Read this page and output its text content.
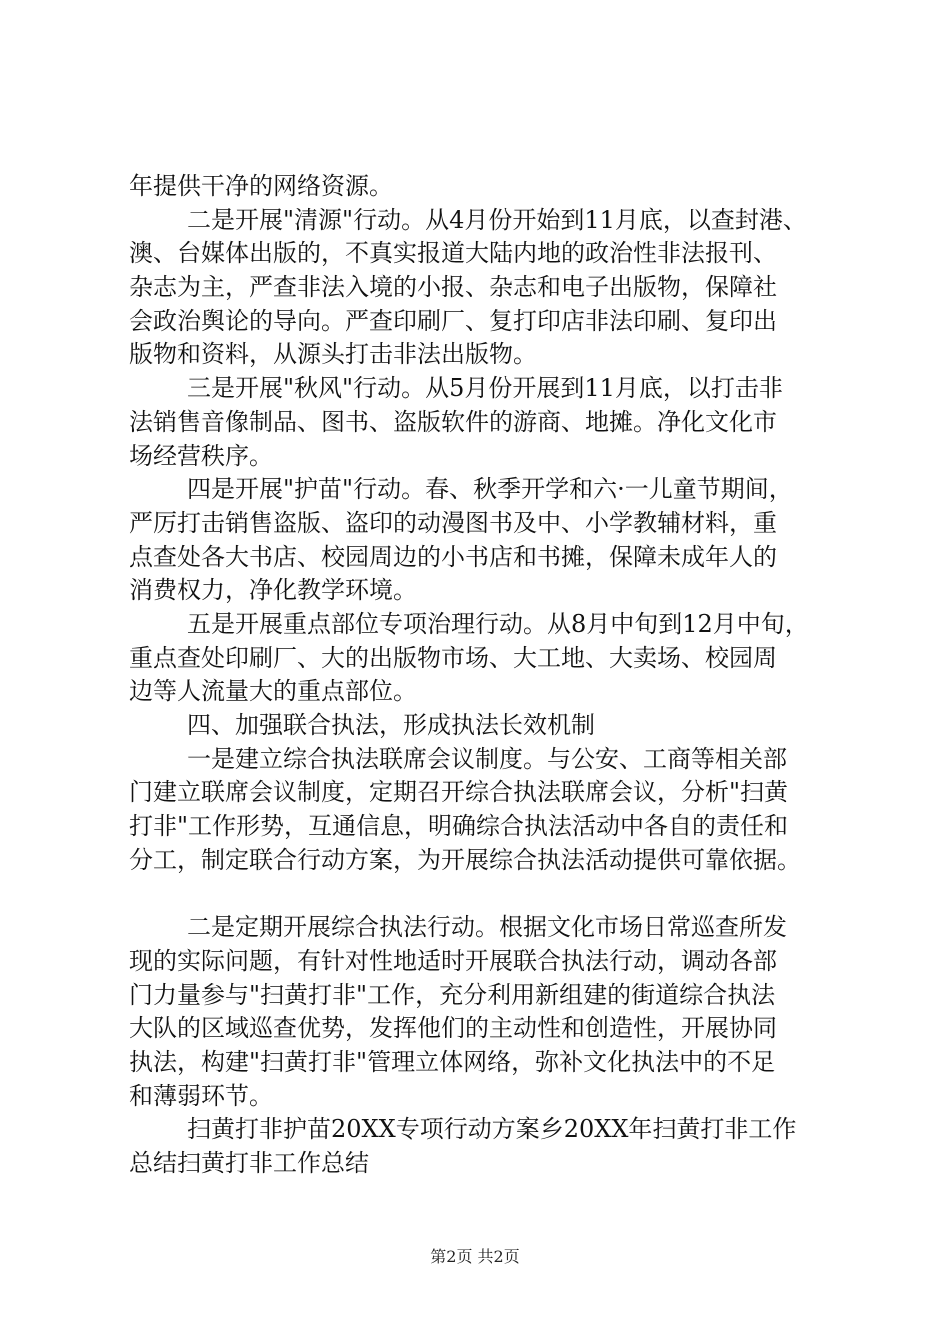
年提供干净的网络资源。
二是开展"清源"行动。从4月份开始到11月底，以查封港、
澳、台媒体出版的，不真实报道大陆内地的政治性非法报刊、
杂志为主，严查非法入境的小报、杂志和电子出版物，保障社
会政治舆论的导向。严查印刷厂、复打印店非法印刷、复印出
版物和资料，从源头打击非法出版物。
三是开展"秋风"行动。从5月份开展到11月底，以打击非
法销售音像制品、图书、盗版软件的游商、地摊。净化文化市
场经营秩序。
四是开展"护苗"行动。春、秋季开学和六·一儿童节期间，
严厉打击销售盗版、盗印的动漫图书及中、小学教辅材料，重
点查处各大书店、校园周边的小书店和书摊，保障未成年人的
消费权力，净化教学环境。
五是开展重点部位专项治理行动。从8月中旬到12月中旬，
重点查处印刷厂、大的出版物市场、大工地、大卖场、校园周
边等人流量大的重点部位。
四、加强联合执法，形成执法长效机制
一是建立综合执法联席会议制度。与公安、工商等相关部
门建立联席会议制度，定期召开综合执法联席会议，分析"扫黄
打非"工作形势，互通信息，明确综合执法活动中各自的责任和
分工，制定联合行动方案，为开展综合执法活动提供可靠依据。
二是定期开展综合执法行动。根据文化市场日常巡查所发
现的实际问题，有针对性地适时开展联合执法行动，调动各部
门力量参与"扫黄打非"工作，充分利用新组建的街道综合执法
大队的区域巡查优势，发挥他们的主动性和创造性，开展协同
执法，构建"扫黄打非"管理立体网络，弥补文化执法中的不足
和薄弱环节。
扫黄打非护苗20XX专项行动方案乡20XX年扫黄打非工作
总结扫黄打非工作总结
第2页 共2页
